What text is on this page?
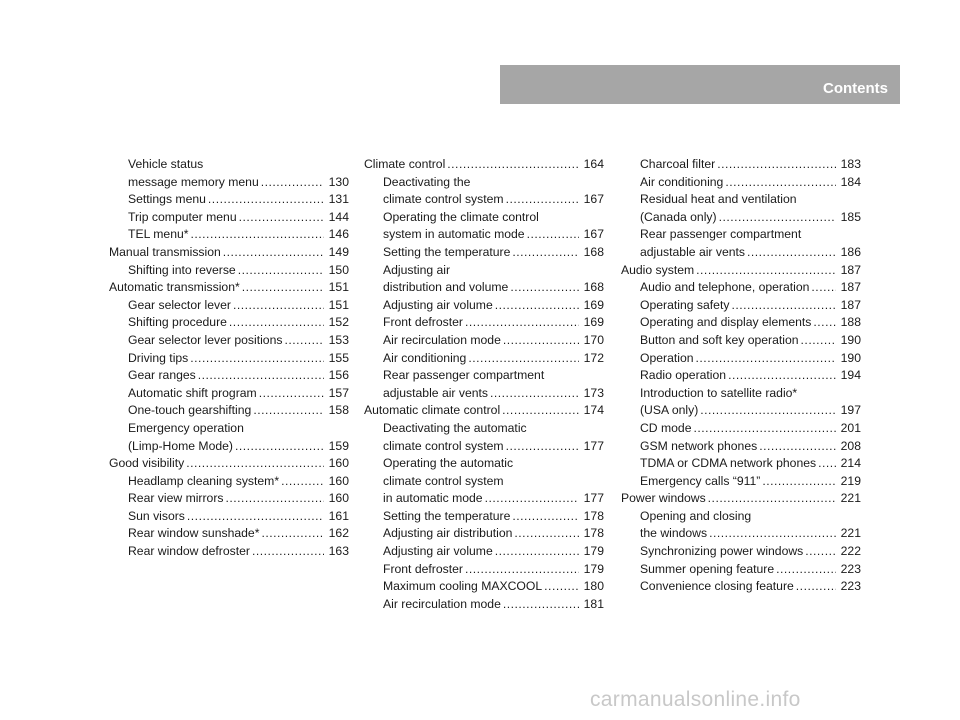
Contents
Vehicle status
message memory menu .....	130
Settings menu .....	131
Trip computer menu .....	144
TEL menu* .....	146
Manual transmission .....	149
Shifting into reverse .....	150
Automatic transmission* .....	151
Gear selector lever .....	151
Shifting procedure .....	152
Gear selector lever positions .....	153
Driving tips .....	155
Gear ranges .....	156
Automatic shift program .....	157
One-touch gearshifting .....	158
Emergency operation
(Limp-Home Mode) .....	159
Good visibility .....	160
Headlamp cleaning system* .....	160
Rear view mirrors .....	160
Sun visors .....	161
Rear window sunshade* .....	162
Rear window defroster .....	163
Climate control .....	164
Deactivating the
climate control system .....	167
Operating the climate control
system in automatic mode .....	167
Setting the temperature .....	168
Adjusting air
distribution and volume .....	168
Adjusting air volume .....	169
Front defroster .....	169
Air recirculation mode .....	170
Air conditioning .....	172
Rear passenger compartment
adjustable air vents .....	173
Automatic climate control .....	174
Deactivating the automatic
climate control system .....	177
Operating the automatic
climate control system
in automatic mode .....	177
Setting the temperature .....	178
Adjusting air distribution .....	178
Adjusting air volume .....	179
Front defroster .....	179
Maximum cooling MAXCOOL .....	180
Air recirculation mode .....	181
Charcoal filter .....	183
Air conditioning .....	184
Residual heat and ventilation
(Canada only) .....	185
Rear passenger compartment
adjustable air vents .....	186
Audio system .....	187
Audio and telephone, operation .....	187
Operating safety .....	187
Operating and display elements ..... 188
Button and soft key operation .....	190
Operation .....	190
Radio operation .....	194
Introduction to satellite radio*
(USA only) .....	197
CD mode .....	201
GSM network phones .....	208
TDMA or CDMA network phones ..... 214
Emergency calls “911” .....	219
Power windows .....	221
Opening and closing
the windows .....	221
Synchronizing power windows .....	222
Summer opening feature .....	223
Convenience closing feature .....	223
carmanualsonline.info
